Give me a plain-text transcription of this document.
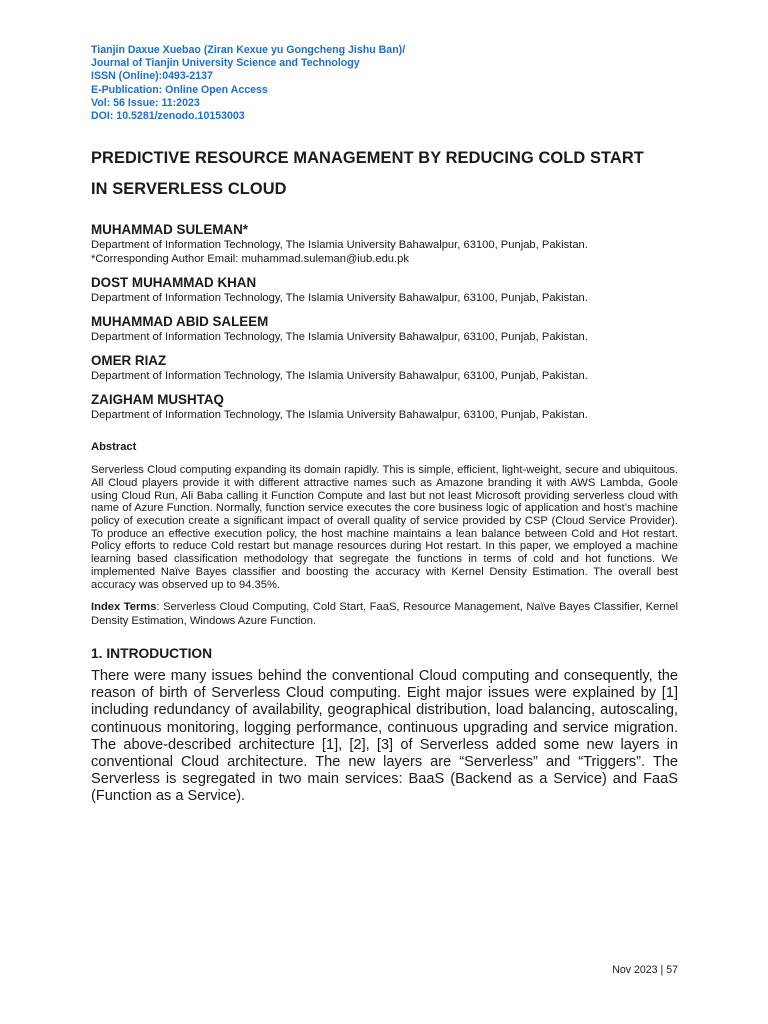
Tianjin Daxue Xuebao (Ziran Kexue yu Gongcheng Jishu Ban)/
Journal of Tianjin University Science and Technology
ISSN (Online):0493-2137
E-Publication: Online Open Access
Vol: 56 Issue: 11:2023
DOI: 10.5281/zenodo.10153003
PREDICTIVE RESOURCE MANAGEMENT BY REDUCING COLD START
IN SERVERLESS CLOUD
MUHAMMAD SULEMAN*
Department of Information Technology, The Islamia University Bahawalpur, 63100, Punjab, Pakistan.
*Corresponding Author Email: muhammad.suleman@iub.edu.pk
DOST MUHAMMAD KHAN
Department of Information Technology, The Islamia University Bahawalpur, 63100, Punjab, Pakistan.
MUHAMMAD ABID SALEEM
Department of Information Technology, The Islamia University Bahawalpur, 63100, Punjab, Pakistan.
OMER RIAZ
Department of Information Technology, The Islamia University Bahawalpur, 63100, Punjab, Pakistan.
ZAIGHAM MUSHTAQ
Department of Information Technology, The Islamia University Bahawalpur, 63100, Punjab, Pakistan.
Abstract
Serverless Cloud computing expanding its domain rapidly. This is simple, efficient, light-weight, secure and ubiquitous. All Cloud players provide it with different attractive names such as Amazone branding it with AWS Lambda, Goole using Cloud Run, Ali Baba calling it Function Compute and last but not least Microsoft providing serverless cloud with name of Azure Function. Normally, function service executes the core business logic of application and host’s machine policy of execution create a significant impact of overall quality of service provided by CSP (Cloud Service Provider). To produce an effective execution policy, the host machine maintains a lean balance between Cold and Hot restart. Policy efforts to reduce Cold restart but manage resources during Hot restart. In this paper, we employed a machine learning based classification methodology that segregate the functions in terms of cold and hot functions. We implemented Naïve Bayes classifier and boosting the accuracy with Kernel Density Estimation. The overall best accuracy was observed up to 94.35%.
Index Terms: Serverless Cloud Computing, Cold Start, FaaS, Resource Management, Naïve Bayes Classifier, Kernel Density Estimation, Windows Azure Function.
1. INTRODUCTION
There were many issues behind the conventional Cloud computing and consequently, the reason of birth of Serverless Cloud computing. Eight major issues were explained by [1] including redundancy of availability, geographical distribution, load balancing, autoscaling, continuous monitoring, logging performance, continuous upgrading and service migration. The above-described architecture [1], [2], [3] of Serverless added some new layers in conventional Cloud architecture. The new layers are “Serverless” and “Triggers”. The Serverless is segregated in two main services: BaaS (Backend as a Service) and FaaS (Function as a Service).
Nov 2023 | 57
